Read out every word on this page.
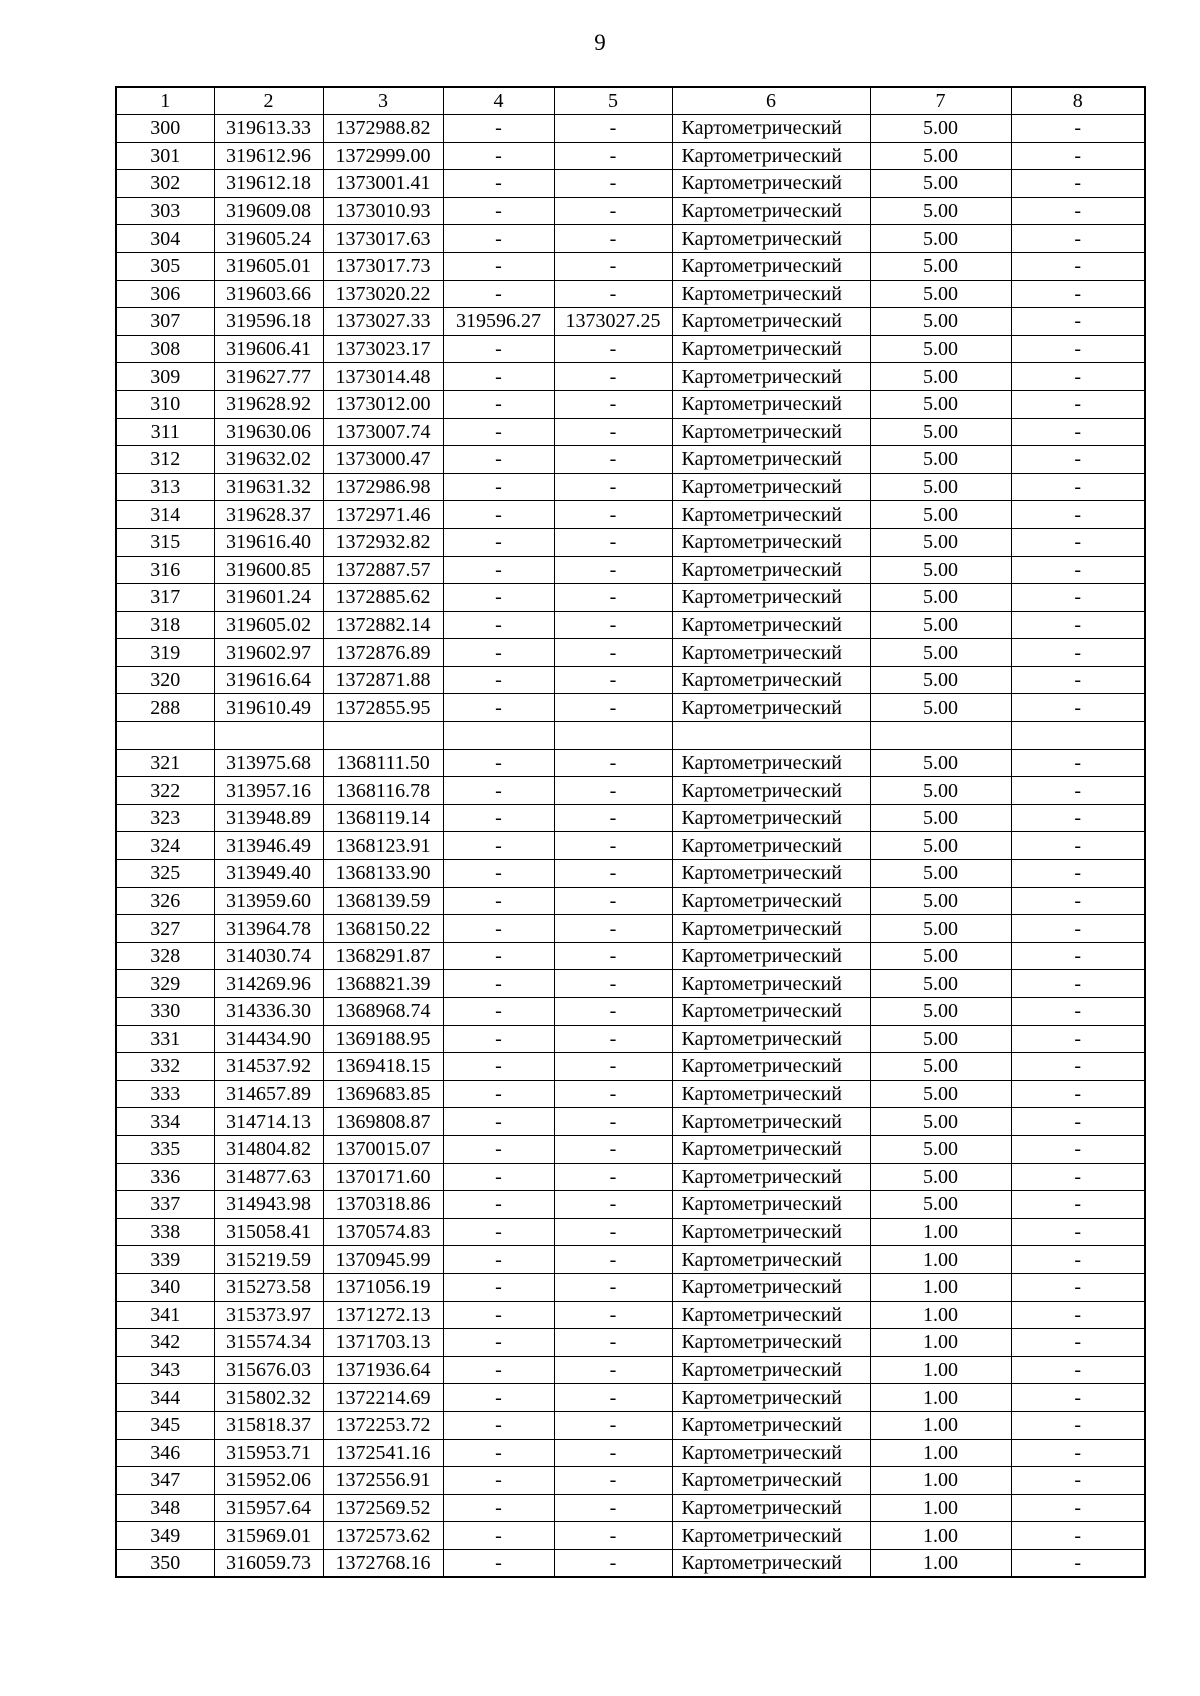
9
1	2	3	4	5	6	7	8
300	319613.33	1372988.82	-	-	Картометрический	5.00	-
301	319612.96	1372999.00	-	-	Картометрический	5.00	-
302	319612.18	1373001.41	-	-	Картометрический	5.00	-
303	319609.08	1373010.93	-	-	Картометрический	5.00	-
304	319605.24	1373017.63	-	-	Картометрический	5.00	-
305	319605.01	1373017.73	-	-	Картометрический	5.00	-
306	319603.66	1373020.22	-	-	Картометрический	5.00	-
307	319596.18	1373027.33	319596.27	1373027.25	Картометрический	5.00	-
308	319606.41	1373023.17	-	-	Картометрический	5.00	-
309	319627.77	1373014.48	-	-	Картометрический	5.00	-
310	319628.92	1373012.00	-	-	Картометрический	5.00	-
311	319630.06	1373007.74	-	-	Картометрический	5.00	-
312	319632.02	1373000.47	-	-	Картометрический	5.00	-
313	319631.32	1372986.98	-	-	Картометрический	5.00	-
314	319628.37	1372971.46	-	-	Картометрический	5.00	-
315	319616.40	1372932.82	-	-	Картометрический	5.00	-
316	319600.85	1372887.57	-	-	Картометрический	5.00	-
317	319601.24	1372885.62	-	-	Картометрический	5.00	-
318	319605.02	1372882.14	-	-	Картометрический	5.00	-
319	319602.97	1372876.89	-	-	Картометрический	5.00	-
320	319616.64	1372871.88	-	-	Картометрический	5.00	-
288	319610.49	1372855.95	-	-	Картометрический	5.00	-

321	313975.68	1368111.50	-	-	Картометрический	5.00	-
322	313957.16	1368116.78	-	-	Картометрический	5.00	-
323	313948.89	1368119.14	-	-	Картометрический	5.00	-
324	313946.49	1368123.91	-	-	Картометрический	5.00	-
325	313949.40	1368133.90	-	-	Картометрический	5.00	-
326	313959.60	1368139.59	-	-	Картометрический	5.00	-
327	313964.78	1368150.22	-	-	Картометрический	5.00	-
328	314030.74	1368291.87	-	-	Картометрический	5.00	-
329	314269.96	1368821.39	-	-	Картометрический	5.00	-
330	314336.30	1368968.74	-	-	Картометрический	5.00	-
331	314434.90	1369188.95	-	-	Картометрический	5.00	-
332	314537.92	1369418.15	-	-	Картометрический	5.00	-
333	314657.89	1369683.85	-	-	Картометрический	5.00	-
334	314714.13	1369808.87	-	-	Картометрический	5.00	-
335	314804.82	1370015.07	-	-	Картометрический	5.00	-
336	314877.63	1370171.60	-	-	Картометрический	5.00	-
337	314943.98	1370318.86	-	-	Картометрический	5.00	-
338	315058.41	1370574.83	-	-	Картометрический	1.00	-
339	315219.59	1370945.99	-	-	Картометрический	1.00	-
340	315273.58	1371056.19	-	-	Картометрический	1.00	-
341	315373.97	1371272.13	-	-	Картометрический	1.00	-
342	315574.34	1371703.13	-	-	Картометрический	1.00	-
343	315676.03	1371936.64	-	-	Картометрический	1.00	-
344	315802.32	1372214.69	-	-	Картометрический	1.00	-
345	315818.37	1372253.72	-	-	Картометрический	1.00	-
346	315953.71	1372541.16	-	-	Картометрический	1.00	-
347	315952.06	1372556.91	-	-	Картометрический	1.00	-
348	315957.64	1372569.52	-	-	Картометрический	1.00	-
349	315969.01	1372573.62	-	-	Картометрический	1.00	-
350	316059.73	1372768.16	-	-	Картометрический	1.00	-
